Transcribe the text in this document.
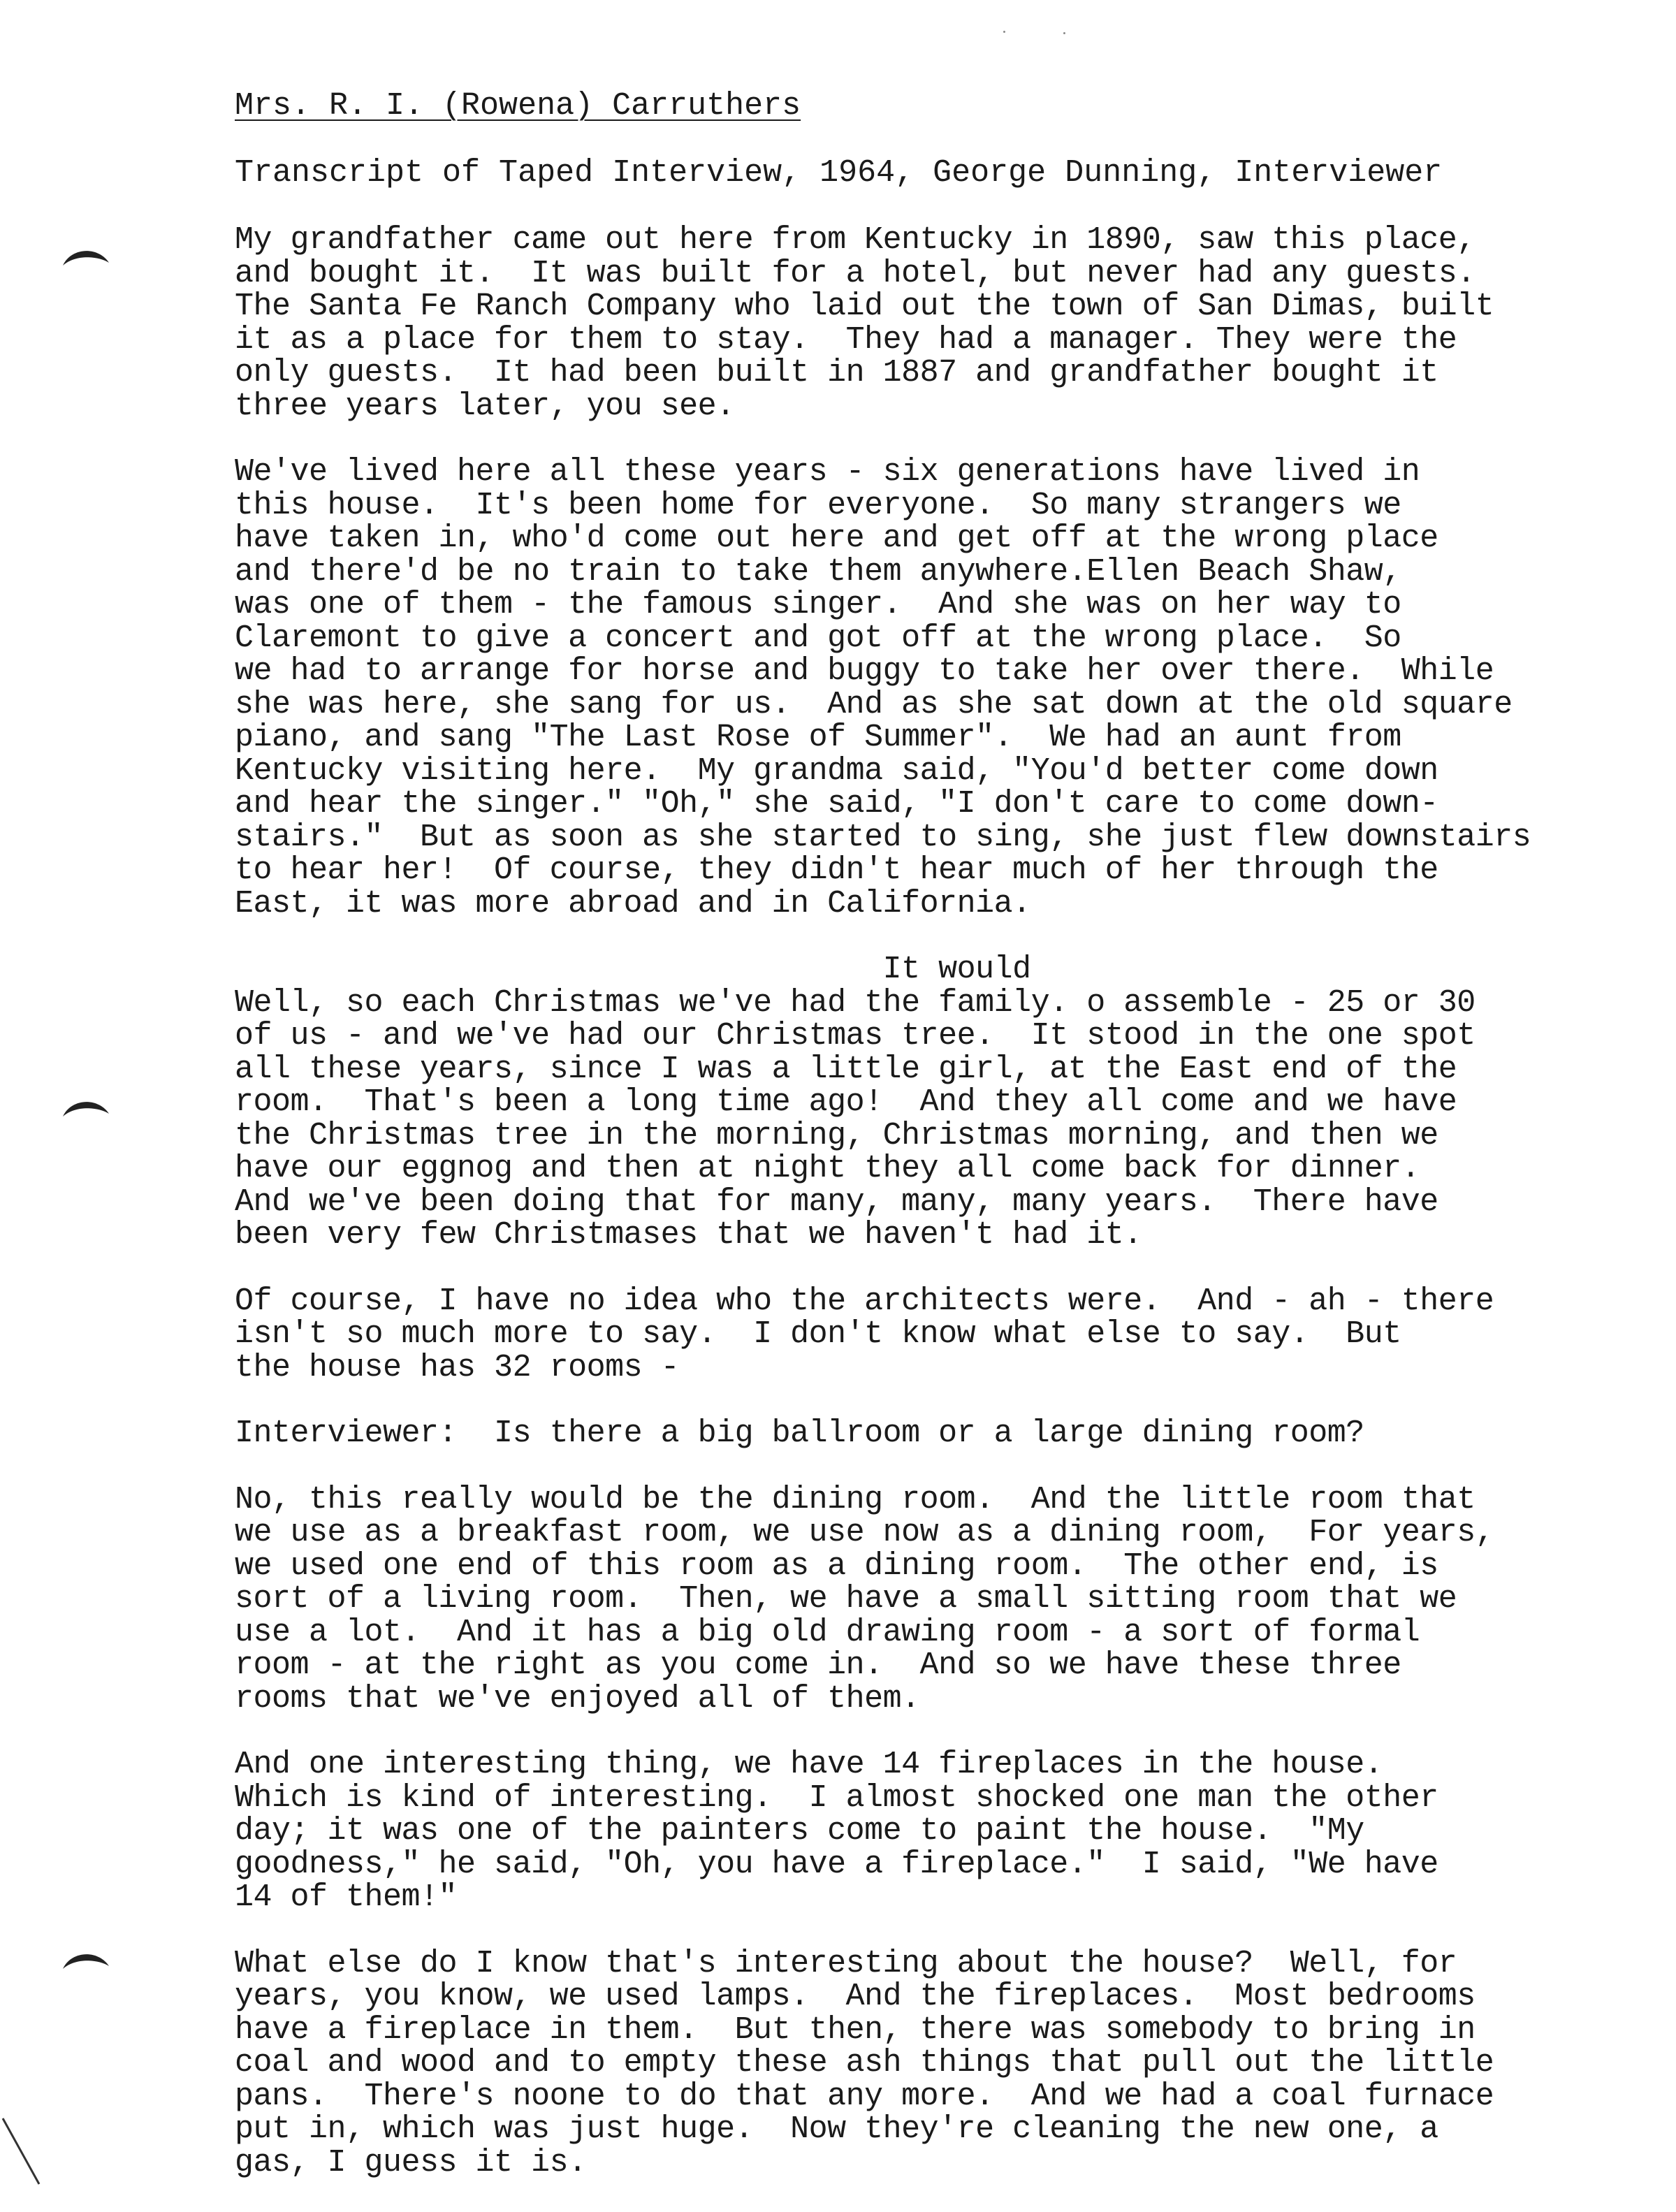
Mrs. R. I. (Rowena) Carruthers
Transcript of Taped Interview, 1964, George Dunning, Interviewer
My grandfather came out here from Kentucky in 1890, saw this place,
and bought it.  It was built for a hotel, but never had any guests.
The Santa Fe Ranch Company who laid out the town of San Dimas, built
it as a place for them to stay.  They had a manager. They were the
only guests.  It had been built in 1887 and grandfather bought it
three years later, you see.
We've lived here all these years - six generations have lived in
this house.  It's been home for everyone.  So many strangers we
have taken in, who'd come out here and get off at the wrong place
and there'd be no train to take them anywhere.Ellen Beach Shaw,
was one of them - the famous singer.  And she was on her way to
Claremont to give a concert and got off at the wrong place.  So
we had to arrange for horse and buggy to take her over there.  While
she was here, she sang for us.  And as she sat down at the old square
piano, and sang "The Last Rose of Summer".  We had an aunt from
Kentucky visiting here.  My grandma said, "You'd better come down
and hear the singer." "Oh," she said, "I don't care to come down-
stairs."  But as soon as she started to sing, she just flew downstairs
to hear her!  Of course, they didn't hear much of her through the
East, it was more abroad and in California.
It would
Well, so each Christmas we've had the family. o assemble - 25 or 30
of us - and we've had our Christmas tree.  It stood in the one spot
all these years, since I was a little girl, at the East end of the
room.  That's been a long time ago!  And they all come and we have
the Christmas tree in the morning, Christmas morning, and then we
have our eggnog and then at night they all come back for dinner.
And we've been doing that for many, many, many years.  There have
been very few Christmases that we haven't had it.
Of course, I have no idea who the architects were.  And - ah - there
isn't so much more to say.  I don't know what else to say.  But
the house has 32 rooms -
Interviewer:  Is there a big ballroom or a large dining room?
No, this really would be the dining room.  And the little room that
we use as a breakfast room, we use now as a dining room,  For years,
we used one end of this room as a dining room.  The other end, is
sort of a living room.  Then, we have a small sitting room that we
use a lot.  And it has a big old drawing room - a sort of formal
room - at the right as you come in.  And so we have these three
rooms that we've enjoyed all of them.
And one interesting thing, we have 14 fireplaces in the house.
Which is kind of interesting.  I almost shocked one man the other
day; it was one of the painters come to paint the house.  "My
goodness," he said, "Oh, you have a fireplace."  I said, "We have
14 of them!"
What else do I know that's interesting about the house?  Well, for
years, you know, we used lamps.  And the fireplaces.  Most bedrooms
have a fireplace in them.  But then, there was somebody to bring in
coal and wood and to empty these ash things that pull out the little
pans.  There's noone to do that any more.  And we had a coal furnace
put in, which was just huge.  Now they're cleaning the new one, a
gas, I guess it is.
